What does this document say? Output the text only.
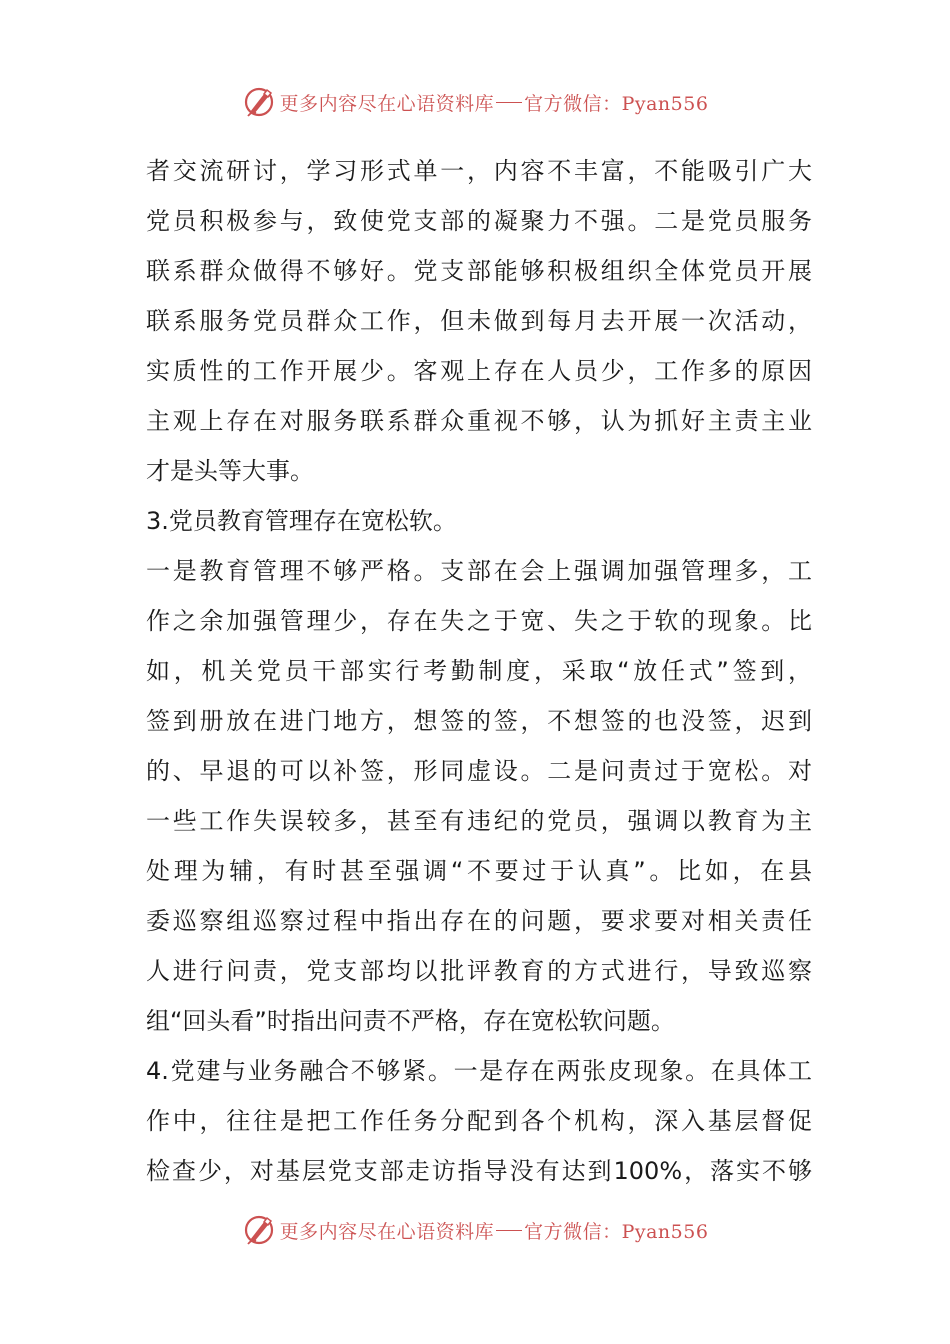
更多内容尽在心语资料库 官方微信：Pyan556
者交流研讨，学习形式单一，内容不丰富，不能吸引广大
党员积极参与，致使党支部的凝聚力不强。二是党员服务
联系群众做得不够好。党支部能够积极组织全体党员开展
联系服务党员群众工作，但未做到每月去开展一次活动，
实质性的工作开展少。客观上存在人员少，工作多的原因
主观上存在对服务联系群众重视不够，认为抓好主责主业
才是头等大事。
3.党员教育管理存在宽松软。
一是教育管理不够严格。支部在会上强调加强管理多，工
作之余加强管理少，存在失之于宽、失之于软的现象。比
如，机关党员干部实行考勤制度，采取“放任式”签到，
签到册放在进门地方，想签的签，不想签的也没签，迟到
的、早退的可以补签，形同虚设。二是问责过于宽松。对
一些工作失误较多，甚至有违纪的党员，强调以教育为主
处理为辅，有时甚至强调“不要过于认真”。比如，在县
委巡察组巡察过程中指出存在的问题，要求要对相关责任
人进行问责，党支部均以批评教育的方式进行，导致巡察
组“回头看”时指出问责不严格，存在宽松软问题。
4.党建与业务融合不够紧。一是存在两张皮现象。在具体工
作中，往往是把工作任务分配到各个机构，深入基层督促
检查少，对基层党支部走访指导没有达到100%，落实不够
更多内容尽在心语资料库 官方微信：Pyan556
